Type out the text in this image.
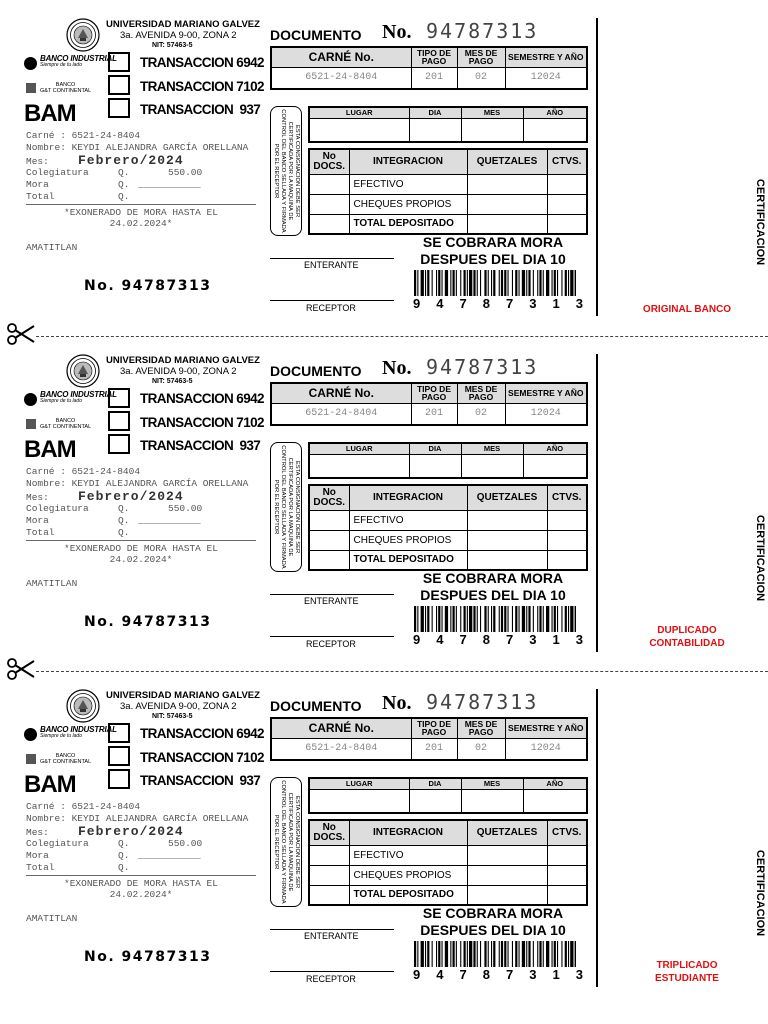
UNIVERSIDAD MARIANO GALVEZ
3a. AVENIDA 9-00, ZONA 2
NIT: 57463-5
BANCO INDUSTRIAL
Siempre de tu lado
BANCO
G&T CONTINENTAL
BAM
TRANSACCION 6942
TRANSACCION 7102
TRANSACCION  937
Carné : 6521-24-8404
Nombre: KEYDI ALEJANDRA GARCÍA ORELLANA
Mes: Febrero/2024
Colegiatura	Q.	550.00
Mora	Q. ___________
Total	Q.
*EXONERADO DE MORA HASTA EL
24.02.2024*
AMATITLAN
No. 94787313
DOCUMENTO No. 94787313
CARNÉ No.	TIPO DE PAGO	MES DE PAGO	SEMESTRE Y AÑO
6521-24-8404	201	02	12024
ESTA CONSIGNACION DEBE SER CERTIFICADA POR LA MAQUINA DE CONTROL DEL BANCO SELLADA Y FIRMADA POR EL RECEPTOR
LUGAR	DIA	MES	AÑO

No DOCS.	INTEGRACION	QUETZALES	CTVS.
	EFECTIVO		
	CHEQUES PROPIOS		
	TOTAL DEPOSITADO		
ENTERANTE
RECEPTOR
SE COBRARA MORA
DESPUES DEL DIA 10
9 4 7 8 7 3 1 3
CERTIFICACION
ORIGINAL BANCO
UNIVERSIDAD MARIANO GALVEZ
3a. AVENIDA 9-00, ZONA 2
NIT: 57463-5
BANCO INDUSTRIAL
Siempre de tu lado
BANCO
G&T CONTINENTAL
BAM
TRANSACCION 6942
TRANSACCION 7102
TRANSACCION  937
Carné : 6521-24-8404
Nombre: KEYDI ALEJANDRA GARCÍA ORELLANA
Mes: Febrero/2024
Colegiatura	Q.	550.00
Mora	Q. ___________
Total	Q.
*EXONERADO DE MORA HASTA EL
24.02.2024*
AMATITLAN
No. 94787313
DOCUMENTO No. 94787313
CARNÉ No.	TIPO DE PAGO	MES DE PAGO	SEMESTRE Y AÑO
6521-24-8404	201	02	12024
ESTA CONSIGNACION DEBE SER CERTIFICADA POR LA MAQUINA DE CONTROL DEL BANCO SELLADA Y FIRMADA POR EL RECEPTOR
LUGAR	DIA	MES	AÑO

No DOCS.	INTEGRACION	QUETZALES	CTVS.
	EFECTIVO		
	CHEQUES PROPIOS		
	TOTAL DEPOSITADO		
ENTERANTE
RECEPTOR
SE COBRARA MORA
DESPUES DEL DIA 10
9 4 7 8 7 3 1 3
CERTIFICACION
DUPLICADO
CONTABILIDAD
UNIVERSIDAD MARIANO GALVEZ
3a. AVENIDA 9-00, ZONA 2
NIT: 57463-5
BANCO INDUSTRIAL
Siempre de tu lado
BANCO
G&T CONTINENTAL
BAM
TRANSACCION 6942
TRANSACCION 7102
TRANSACCION  937
Carné : 6521-24-8404
Nombre: KEYDI ALEJANDRA GARCÍA ORELLANA
Mes: Febrero/2024
Colegiatura	Q.	550.00
Mora	Q. ___________
Total	Q.
*EXONERADO DE MORA HASTA EL
24.02.2024*
AMATITLAN
No. 94787313
DOCUMENTO No. 94787313
CARNÉ No.	TIPO DE PAGO	MES DE PAGO	SEMESTRE Y AÑO
6521-24-8404	201	02	12024
ESTA CONSIGNACION DEBE SER CERTIFICADA POR LA MAQUINA DE CONTROL DEL BANCO SELLADA Y FIRMADA POR EL RECEPTOR
LUGAR	DIA	MES	AÑO

No DOCS.	INTEGRACION	QUETZALES	CTVS.
	EFECTIVO		
	CHEQUES PROPIOS		
	TOTAL DEPOSITADO		
ENTERANTE
RECEPTOR
SE COBRARA MORA
DESPUES DEL DIA 10
9 4 7 8 7 3 1 3
CERTIFICACION
TRIPLICADO
ESTUDIANTE
